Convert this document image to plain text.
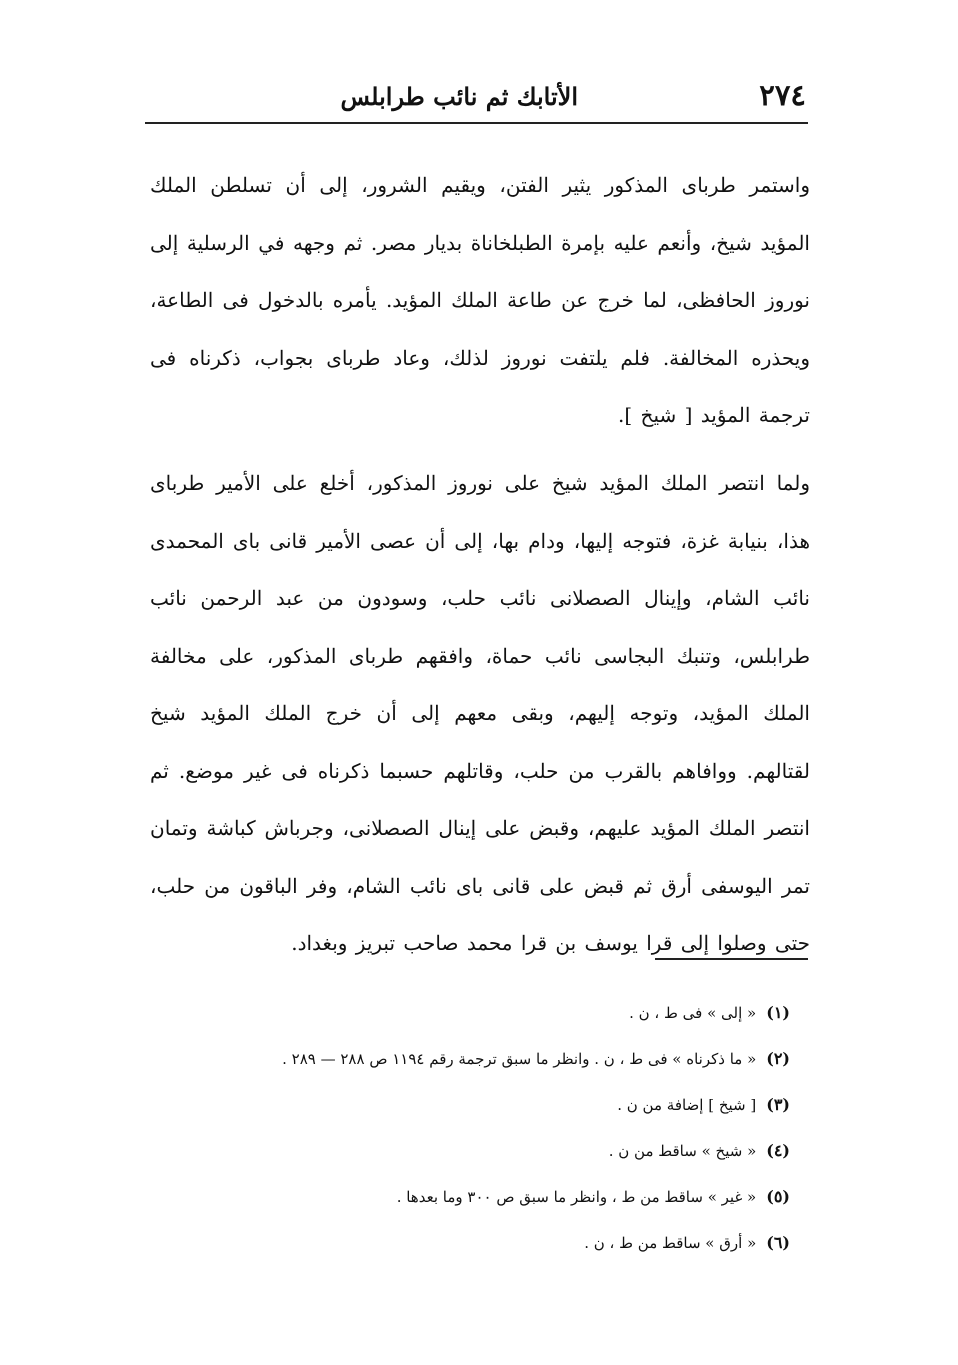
٢٧٤
الأتابك ثم نائب طرابلس

واستمر طرباى المذكور يثير الفتن، ويقيم الشرور، إلى أن تسلطن الملك المؤيد شيخ، وأنعم عليه بإمرة الطبلخاناة بديار مصر. ثم وجهه في الرسلية إلى نوروز الحافظى، لما خرج عن طاعة الملك المؤيد. يأمره بالدخول فى الطاعة، ويحذره المخالفة. فلم يلتفت نوروز لذلك، وعاد طرباى بجواب، ذكرناه فى ترجمة المؤيد [ شيخ ].

ولما انتصر الملك المؤيد شيخ على نوروز المذكور، أخلع على الأمير طرباى هذا، بنيابة غزة، فتوجه إليها، ودام بها، إلى أن عصى الأمير قانى باى المحمدى نائب الشام، وإينال الصصلانى نائب حلب، وسودون من عبد الرحمن نائب طرابلس، وتنبك البجاسى نائب حماة، وافقهم طرباى المذكور، على مخالفة الملك المؤيد، وتوجه إليهم، وبقى معهم إلى أن خرج الملك المؤيد شيخ لقتالهم. ووافاهم بالقرب من حلب، وقاتلهم حسبما ذكرناه فى غير موضع. ثم انتصر الملك المؤيد عليهم، وقبض على إينال الصصلانى، وجرباش كباشة وتمان تمر اليوسفى أرق ثم قبض على قانى باى نائب الشام، وفر الباقون من حلب، حتى وصلوا إلى قرا يوسف بن قرا محمد صاحب تبريز وبغداد.

(١)« إلى » فى ط ، ن .
(٢)« ما ذكرناه » فى ط ، ن . وانظر ما سبق ترجمة رقم ١١٩٤ ص ٢٨٨ — ٢٨٩ .
(٣)[ شيخ ] إضافة من ن .
(٤)« شيخ » ساقط من ن .
(٥)« غير » ساقط من ط ، وانظر ما سبق ص ٣٠٠ وما بعدها .
(٦)« أرق » ساقط من ط ، ن .
